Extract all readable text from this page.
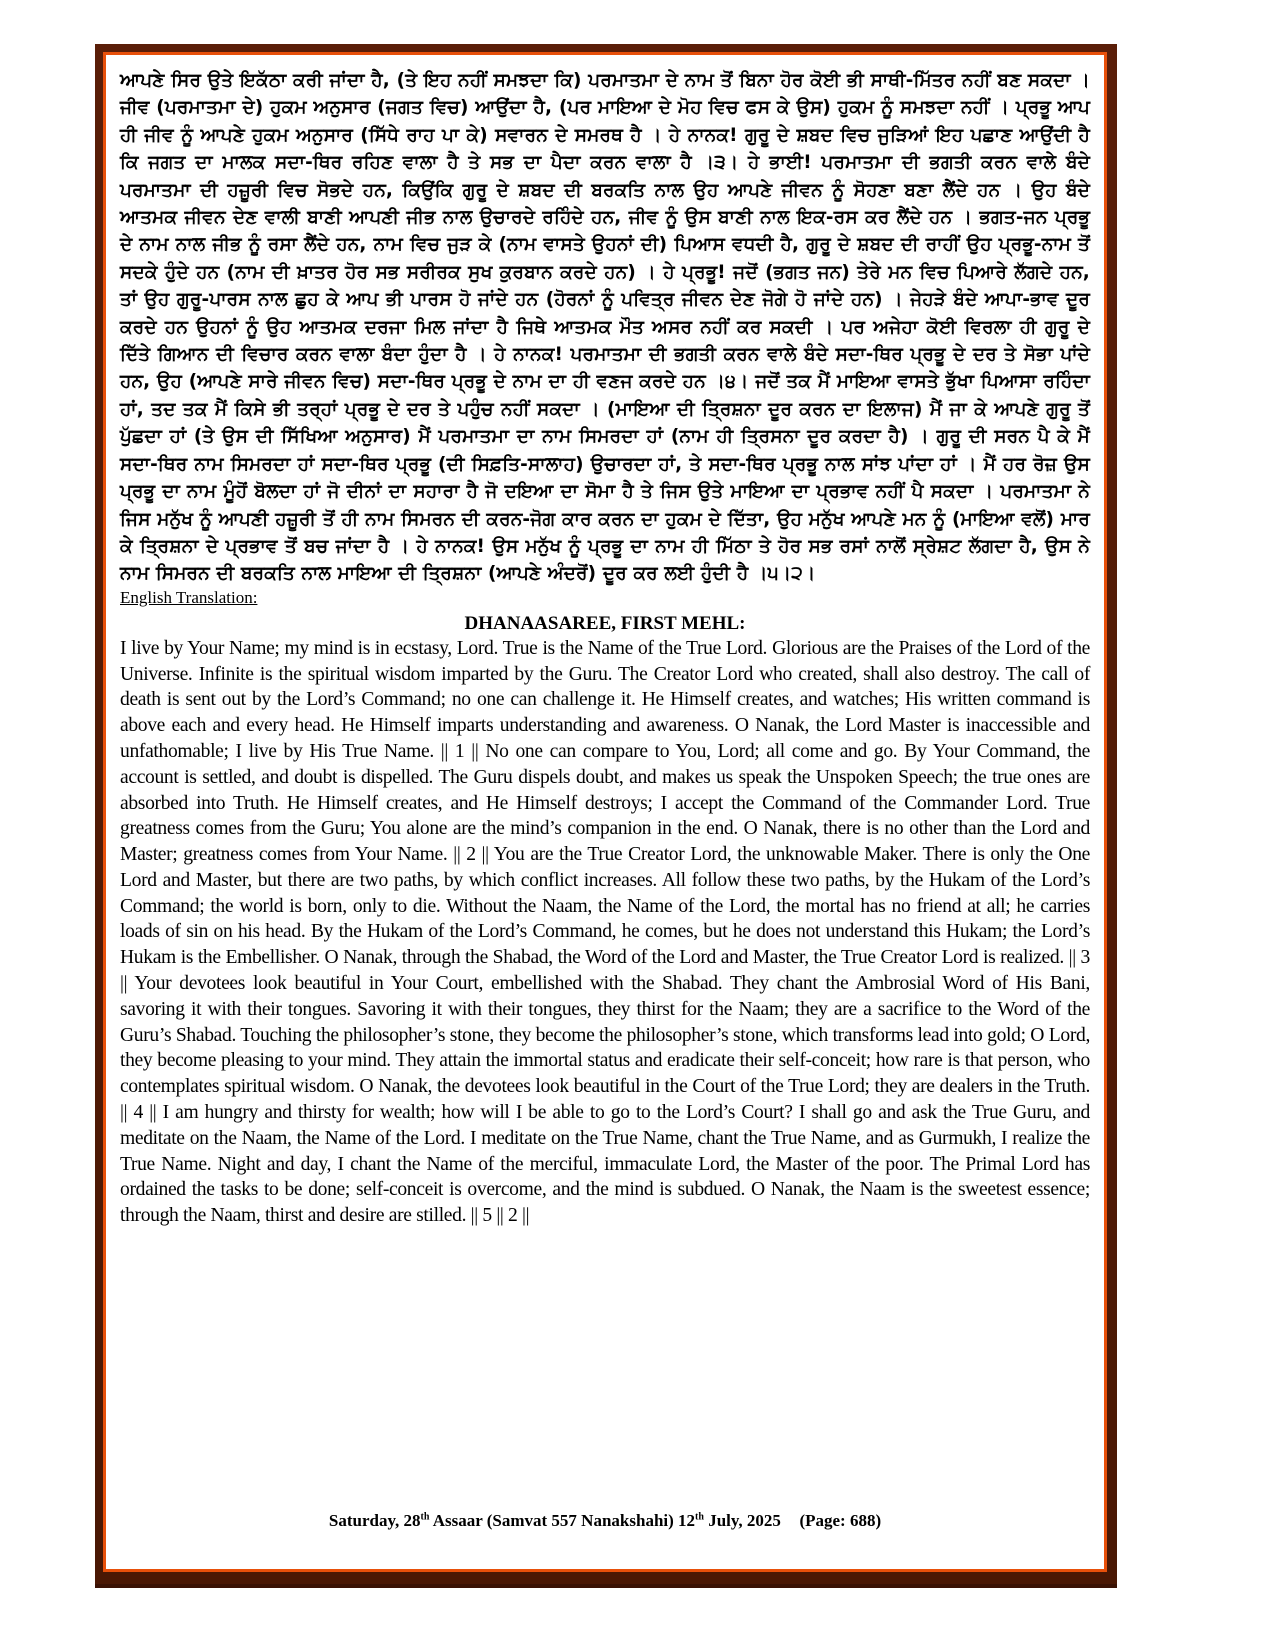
ਆਪਣੇ ਸਿਰ ਉਤੇ ਇਕੱਠਾ ਕਰੀ ਜਾਂਦਾ ਹੈ, (ਤੇ ਇਹ ਨਹੀਂ ਸਮਝਦਾ ਕਿ) ਪਰਮਾਤਮਾ ਦੇ ਨਾਮ ਤੋਂ ਬਿਨਾ ਹੋਰ ਕੋਈ ਭੀ ਸਾਥੀ-ਮਿੱਤਰ ਨਹੀਂ ਬਣ ਸਕਦਾ । ਜੀਵ (ਪਰਮਾਤਮਾ ਦੇ) ਹੁਕਮ ਅਨੁਸਾਰ (ਜਗਤ ਵਿਚ) ਆਉਂਦਾ ਹੈ, (ਪਰ ਮਾਇਆ ਦੇ ਮੋਹ ਵਿਚ ਫਸ ਕੇ ਉਸ) ਹੁਕਮ ਨੂੰ ਸਮਝਦਾ ਨਹੀਂ । ਪ੍ਰਭੂ ਆਪ ਹੀ ਜੀਵ ਨੂੰ ਆਪਣੇ ਹੁਕਮ ਅਨੁਸਾਰ (ਸਿੱਧੇ ਰਾਹ ਪਾ ਕੇ) ਸਵਾਰਨ ਦੇ ਸਮਰਥ ਹੈ । ਹੇ ਨਾਨਕ! ਗੁਰੂ ਦੇ ਸ਼ਬਦ ਵਿਚ ਜੁੜਿਆਂ ਇਹ ਪਛਾਣ ਆਉਂਦੀ ਹੈ ਕਿ ਜਗਤ ਦਾ ਮਾਲਕ ਸਦਾ-ਥਿਰ ਰਹਿਣ ਵਾਲਾ ਹੈ ਤੇ ਸਭ ਦਾ ਪੈਦਾ ਕਰਨ ਵਾਲਾ ਹੈ ।੩। ਹੇ ਭਾਈ! ਪਰਮਾਤਮਾ ਦੀ ਭਗਤੀ ਕਰਨ ਵਾਲੇ ਬੰਦੇ ਪਰਮਾਤਮਾ ਦੀ ਹਜ਼ੂਰੀ ਵਿਚ ਸੋਭਦੇ ਹਨ, ਕਿਉਂਕਿ ਗੁਰੂ ਦੇ ਸ਼ਬਦ ਦੀ ਬਰਕਤਿ ਨਾਲ ਉਹ ਆਪਣੇ ਜੀਵਨ ਨੂੰ ਸੋਹਣਾ ਬਣਾ ਲੈਂਦੇ ਹਨ । ਉਹ ਬੰਦੇ ਆਤਮਕ ਜੀਵਨ ਦੇਣ ਵਾਲੀ ਬਾਣੀ ਆਪਣੀ ਜੀਭ ਨਾਲ ਉਚਾਰਦੇ ਰਹਿੰਦੇ ਹਨ, ਜੀਵ ਨੂੰ ਉਸ ਬਾਣੀ ਨਾਲ ਇਕ-ਰਸ ਕਰ ਲੈਂਦੇ ਹਨ । ਭਗਤ-ਜਨ ਪ੍ਰਭੂ ਦੇ ਨਾਮ ਨਾਲ ਜੀਭ ਨੂੰ ਰਸਾ ਲੈਂਦੇ ਹਨ, ਨਾਮ ਵਿਚ ਜੁੜ ਕੇ (ਨਾਮ ਵਾਸਤੇ ਉਹਨਾਂ ਦੀ) ਪਿਆਸ ਵਧਦੀ ਹੈ, ਗੁਰੂ ਦੇ ਸ਼ਬਦ ਦੀ ਰਾਹੀਂ ਉਹ ਪ੍ਰਭੂ-ਨਾਮ ਤੋਂ ਸਦਕੇ ਹੁੰਦੇ ਹਨ (ਨਾਮ ਦੀ ਖ਼ਾਤਰ ਹੋਰ ਸਭ ਸਰੀਰਕ ਸੁਖ ਕੁਰਬਾਨ ਕਰਦੇ ਹਨ) । ਹੇ ਪ੍ਰਭੂ! ਜਦੋਂ (ਭਗਤ ਜਨ) ਤੇਰੇ ਮਨ ਵਿਚ ਪਿਆਰੇ ਲੱਗਦੇ ਹਨ, ਤਾਂ ਉਹ ਗੁਰੂ-ਪਾਰਸ ਨਾਲ ਛੁਹ ਕੇ ਆਪ ਭੀ ਪਾਰਸ ਹੋ ਜਾਂਦੇ ਹਨ (ਹੋਰਨਾਂ ਨੂੰ ਪਵਿਤ੍ਰ ਜੀਵਨ ਦੇਣ ਜੋਗੇ ਹੋ ਜਾਂਦੇ ਹਨ) । ਜੇਹੜੇ ਬੰਦੇ ਆਪਾ-ਭਾਵ ਦੂਰ ਕਰਦੇ ਹਨ ਉਹਨਾਂ ਨੂੰ ਉਹ ਆਤਮਕ ਦਰਜਾ ਮਿਲ ਜਾਂਦਾ ਹੈ ਜਿਥੇ ਆਤਮਕ ਮੌਤ ਅਸਰ ਨਹੀਂ ਕਰ ਸਕਦੀ । ਪਰ ਅਜੇਹਾ ਕੋਈ ਵਿਰਲਾ ਹੀ ਗੁਰੂ ਦੇ ਦਿੱਤੇ ਗਿਆਨ ਦੀ ਵਿਚਾਰ ਕਰਨ ਵਾਲਾ ਬੰਦਾ ਹੁੰਦਾ ਹੈ । ਹੇ ਨਾਨਕ! ਪਰਮਾਤਮਾ ਦੀ ਭਗਤੀ ਕਰਨ ਵਾਲੇ ਬੰਦੇ ਸਦਾ-ਥਿਰ ਪ੍ਰਭੂ ਦੇ ਦਰ ਤੇ ਸੋਭਾ ਪਾਂਦੇ ਹਨ, ਉਹ (ਆਪਣੇ ਸਾਰੇ ਜੀਵਨ ਵਿਚ) ਸਦਾ-ਥਿਰ ਪ੍ਰਭੂ ਦੇ ਨਾਮ ਦਾ ਹੀ ਵਣਜ ਕਰਦੇ ਹਨ ।੪। ਜਦੋਂ ਤਕ ਮੈਂ ਮਾਇਆ ਵਾਸਤੇ ਭੁੱਖਾ ਪਿਆਸਾ ਰਹਿੰਦਾ ਹਾਂ, ਤਦ ਤਕ ਮੈਂ ਕਿਸੇ ਭੀ ਤਰ੍ਹਾਂ ਪ੍ਰਭੂ ਦੇ ਦਰ ਤੇ ਪਹੁੰਚ ਨਹੀਂ ਸਕਦਾ । (ਮਾਇਆ ਦੀ ਤ੍ਰਿਸ਼ਨਾ ਦੂਰ ਕਰਨ ਦਾ ਇਲਾਜ) ਮੈਂ ਜਾ ਕੇ ਆਪਣੇ ਗੁਰੂ ਤੋਂ ਪੁੱਛਦਾ ਹਾਂ (ਤੇ ਉਸ ਦੀ ਸਿੱਖਿਆ ਅਨੁਸਾਰ) ਮੈਂ ਪਰਮਾਤਮਾ ਦਾ ਨਾਮ ਸਿਮਰਦਾ ਹਾਂ (ਨਾਮ ਹੀ ਤ੍ਰਿਸਨਾ ਦੂਰ ਕਰਦਾ ਹੈ) । ਗੁਰੂ ਦੀ ਸਰਨ ਪੈ ਕੇ ਮੈਂ ਸਦਾ-ਥਿਰ ਨਾਮ ਸਿਮਰਦਾ ਹਾਂ ਸਦਾ-ਥਿਰ ਪ੍ਰਭੂ (ਦੀ ਸਿਫ਼ਤਿ-ਸਾਲਾਹ) ਉਚਾਰਦਾ ਹਾਂ, ਤੇ ਸਦਾ-ਥਿਰ ਪ੍ਰਭੂ ਨਾਲ ਸਾਂਝ ਪਾਂਦਾ ਹਾਂ । ਮੈਂ ਹਰ ਰੋਜ਼ ਉਸ ਪ੍ਰਭੂ ਦਾ ਨਾਮ ਮੂੰਹੋਂ ਬੋਲਦਾ ਹਾਂ ਜੋ ਦੀਨਾਂ ਦਾ ਸਹਾਰਾ ਹੈ ਜੋ ਦਇਆ ਦਾ ਸੋਮਾ ਹੈ ਤੇ ਜਿਸ ਉਤੇ ਮਾਇਆ ਦਾ ਪ੍ਰਭਾਵ ਨਹੀਂ ਪੈ ਸਕਦਾ । ਪਰਮਾਤਮਾ ਨੇ ਜਿਸ ਮਨੁੱਖ ਨੂੰ ਆਪਣੀ ਹਜ਼ੂਰੀ ਤੋਂ ਹੀ ਨਾਮ ਸਿਮਰਨ ਦੀ ਕਰਨ-ਜੋਗ ਕਾਰ ਕਰਨ ਦਾ ਹੁਕਮ ਦੇ ਦਿੱਤਾ, ਉਹ ਮਨੁੱਖ ਆਪਣੇ ਮਨ ਨੂੰ (ਮਾਇਆ ਵਲੋਂ) ਮਾਰ ਕੇ ਤ੍ਰਿਸ਼ਨਾ ਦੇ ਪ੍ਰਭਾਵ ਤੋਂ ਬਚ ਜਾਂਦਾ ਹੈ । ਹੇ ਨਾਨਕ! ਉਸ ਮਨੁੱਖ ਨੂੰ ਪ੍ਰਭੂ ਦਾ ਨਾਮ ਹੀ ਮਿੱਠਾ ਤੇ ਹੋਰ ਸਭ ਰਸਾਂ ਨਾਲੋਂ ਸ੍ਰੇਸ਼ਟ ਲੱਗਦਾ ਹੈ, ਉਸ ਨੇ ਨਾਮ ਸਿਮਰਨ ਦੀ ਬਰਕਤਿ ਨਾਲ ਮਾਇਆ ਦੀ ਤ੍ਰਿਸ਼ਨਾ (ਆਪਣੇ ਅੰਦਰੋਂ) ਦੂਰ ਕਰ ਲਈ ਹੁੰਦੀ ਹੈ ।੫।੨।

English Translation:
DHANAASAREE, FIRST MEHL:

I live by Your Name; my mind is in ecstasy, Lord. True is the Name of the True Lord. Glorious are the Praises of the Lord of the Universe. Infinite is the spiritual wisdom imparted by the Guru. The Creator Lord who created, shall also destroy. The call of death is sent out by the Lord’s Command; no one can challenge it. He Himself creates, and watches; His written command is above each and every head. He Himself imparts understanding and awareness. O Nanak, the Lord Master is inaccessible and unfathomable; I live by His True Name. || 1 || No one can compare to You, Lord; all come and go. By Your Command, the account is settled, and doubt is dispelled. The Guru dispels doubt, and makes us speak the Unspoken Speech; the true ones are absorbed into Truth. He Himself creates, and He Himself destroys; I accept the Command of the Commander Lord. True greatness comes from the Guru; You alone are the mind’s companion in the end. O Nanak, there is no other than the Lord and Master; greatness comes from Your Name. || 2 || You are the True Creator Lord, the unknowable Maker. There is only the One Lord and Master, but there are two paths, by which conflict increases. All follow these two paths, by the Hukam of the Lord’s Command; the world is born, only to die. Without the Naam, the Name of the Lord, the mortal has no friend at all; he carries loads of sin on his head. By the Hukam of the Lord’s Command, he comes, but he does not understand this Hukam; the Lord’s Hukam is the Embellisher. O Nanak, through the Shabad, the Word of the Lord and Master, the True Creator Lord is realized. || 3 || Your devotees look beautiful in Your Court, embellished with the Shabad. They chant the Ambrosial Word of His Bani, savoring it with their tongues. Savoring it with their tongues, they thirst for the Naam; they are a sacrifice to the Word of the Guru’s Shabad. Touching the philosopher’s stone, they become the philosopher’s stone, which transforms lead into gold; O Lord, they become pleasing to your mind. They attain the immortal status and eradicate their self-conceit; how rare is that person, who contemplates spiritual wisdom. O Nanak, the devotees look beautiful in the Court of the True Lord; they are dealers in the Truth. || 4 || I am hungry and thirsty for wealth; how will I be able to go to the Lord’s Court? I shall go and ask the True Guru, and meditate on the Naam, the Name of the Lord. I meditate on the True Name, chant the True Name, and as Gurmukh, I realize the True Name. Night and day, I chant the Name of the merciful, immaculate Lord, the Master of the poor. The Primal Lord has ordained the tasks to be done; self-conceit is overcome, and the mind is subdued. O Nanak, the Naam is the sweetest essence; through the Naam, thirst and desire are stilled. || 5 || 2 ||

Saturday, 28th Assaar (Samvat 557 Nanakshahi) 12th July, 2025 (Page: 688)
